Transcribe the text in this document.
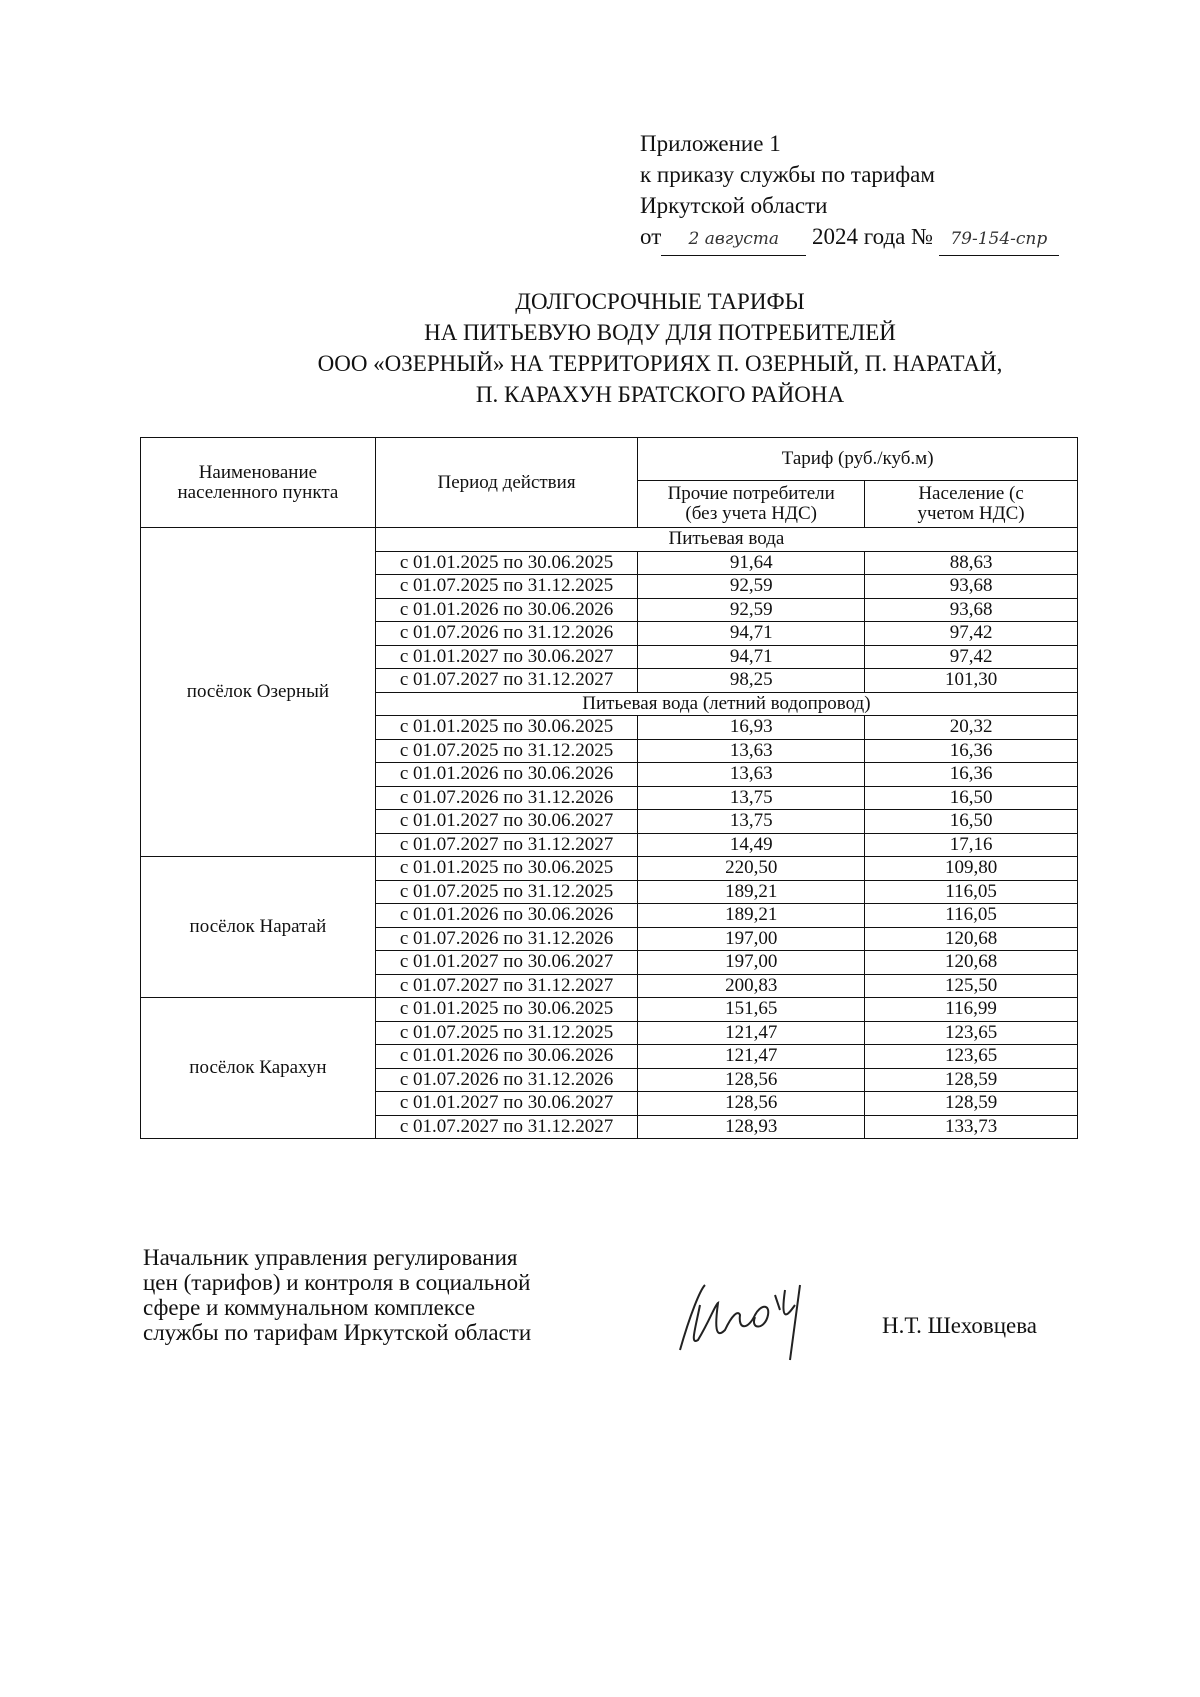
Приложение 1
к приказу службы по тарифам
Иркутской области
от 2 августа 2024 года № 79-154-спр
ДОЛГОСРОЧНЫЕ ТАРИФЫ
НА ПИТЬЕВУЮ ВОДУ ДЛЯ ПОТРЕБИТЕЛЕЙ
ООО «ОЗЕРНЫЙ» НА ТЕРРИТОРИЯХ П. ОЗЕРНЫЙ, П. НАРАТАЙ,
П. КАРАХУН БРАТСКОГО РАЙОНА
Наименование населенного пункта	Период действия	Тариф (руб./куб.м)	
		Прочие потребители (без учета НДС)	Население (с учетом НДС)
посёлок Озерный	Питьевая вода		
	с 01.01.2025 по 30.06.2025	91,64	88,63
	с 01.07.2025 по 31.12.2025	92,59	93,68
	с 01.01.2026 по 30.06.2026	92,59	93,68
	с 01.07.2026 по 31.12.2026	94,71	97,42
	с 01.01.2027 по 30.06.2027	94,71	97,42
	с 01.07.2027 по 31.12.2027	98,25	101,30
	Питьевая вода (летний водопровод)		
	с 01.01.2025 по 30.06.2025	16,93	20,32
	с 01.07.2025 по 31.12.2025	13,63	16,36
	с 01.01.2026 по 30.06.2026	13,63	16,36
	с 01.07.2026 по 31.12.2026	13,75	16,50
	с 01.01.2027 по 30.06.2027	13,75	16,50
	с 01.07.2027 по 31.12.2027	14,49	17,16
посёлок Наратай	с 01.01.2025 по 30.06.2025	220,50	109,80
	с 01.07.2025 по 31.12.2025	189,21	116,05
	с 01.01.2026 по 30.06.2026	189,21	116,05
	с 01.07.2026 по 31.12.2026	197,00	120,68
	с 01.01.2027 по 30.06.2027	197,00	120,68
	с 01.07.2027 по 31.12.2027	200,83	125,50
посёлок Карахун	с 01.01.2025 по 30.06.2025	151,65	116,99
	с 01.07.2025 по 31.12.2025	121,47	123,65
	с 01.01.2026 по 30.06.2026	121,47	123,65
	с 01.07.2026 по 31.12.2026	128,56	128,59
	с 01.01.2027 по 30.06.2027	128,56	128,59
	с 01.07.2027 по 31.12.2027	128,93	133,73
Начальник управления регулирования
цен (тарифов) и контроля в социальной
сфере и коммунальном комплексе
службы по тарифам Иркутской области	Н.Т. Шеховцева
